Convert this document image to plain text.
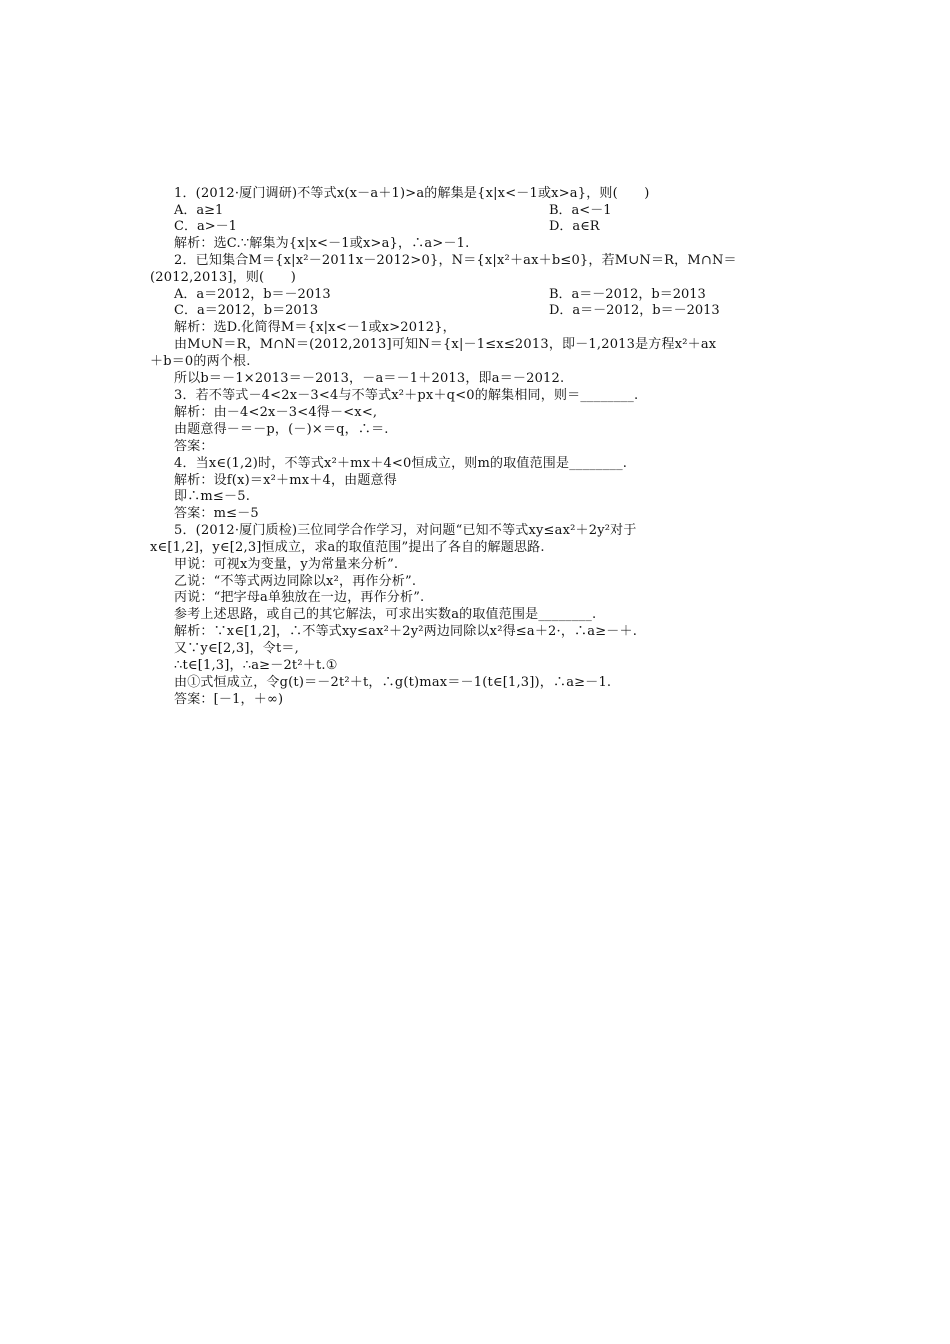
1．(2012·厦门调研)不等式x(x－a＋1)>a的解集是{x|x<－1或x>a}，则(　　)
A．a≥1	B．a<－1
C．a>－1	D．a∈R
解析：选C.∵解集为{x|x<－1或x>a}，∴a>－1.
2．已知集合M＝{x|x²－2011x－2012>0}，N＝{x|x²＋ax＋b≤0}，若M∪N＝R，M∩N＝
(2012,2013]，则(　　)
A．a＝2012，b＝－2013	B．a＝－2012，b＝2013
C．a＝2012，b＝2013	D．a＝－2012，b＝－2013
解析：选D.化简得M＝{x|x<－1或x>2012}，
由M∪N＝R，M∩N＝(2012,2013]可知N＝{x|－1≤x≤2013，即－1,2013是方程x²＋ax
＋b＝0的两个根.
所以b＝－1×2013＝－2013，－a＝－1＋2013，即a＝－2012.
3．若不等式－4<2x－3<4与不等式x²＋px＋q<0的解集相同，则＝________.
解析：由－4<2x－3<4得－<x<,
由题意得－＝－p，(－)×＝q，∴＝.
答案：
4．当x∈(1,2)时，不等式x²＋mx＋4<0恒成立，则m的取值范围是________.
解析：设f(x)＝x²＋mx＋4，由题意得
即∴m≤－5.
答案：m≤－5
5．(2012·厦门质检)三位同学合作学习，对问题“已知不等式xy≤ax²＋2y²对于
x∈[1,2]，y∈[2,3]恒成立，求a的取值范围”提出了各自的解题思路.
甲说：可视x为变量，y为常量来分析”.
乙说：“不等式两边同除以x²，再作分析”.
丙说：“把字母a单独放在一边，再作分析”.
参考上述思路，或自己的其它解法，可求出实数a的取值范围是________.
解析：∵x∈[1,2]，∴不等式xy≤ax²＋2y²两边同除以x²得≤a＋2·，∴a≥－＋.
又∵y∈[2,3]，令t＝,
∴t∈[1,3]，∴a≥－2t²＋t.①
由①式恒成立，令g(t)＝－2t²＋t，∴g(t)max＝－1(t∈[1,3])，∴a≥－1.
答案：[－1，＋∞)
